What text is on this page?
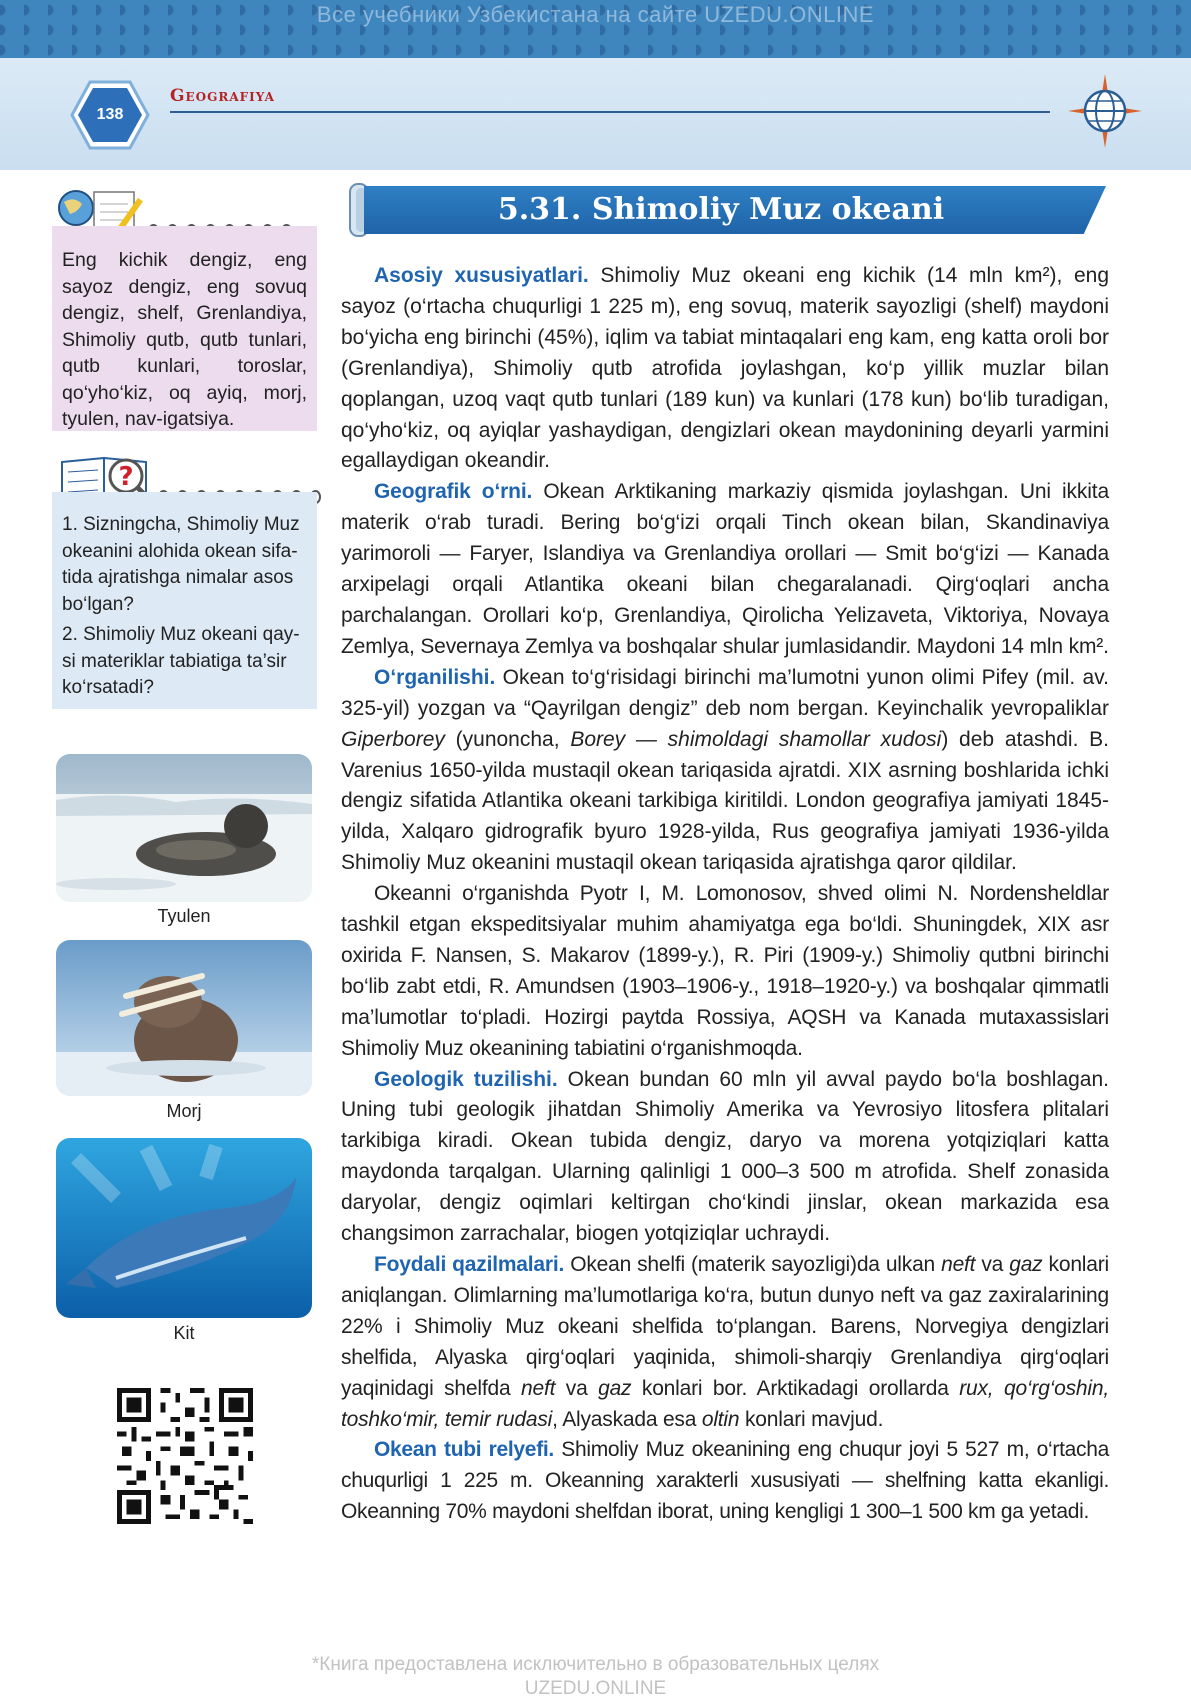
Все учебники Узбекистана на сайте UZEDU.ONLINE
138
Geografiya
Eng kichik dengiz, eng sayoz dengiz, eng sovuq dengiz, shelf, Grenlandiya, Shimoliy qutb, qutb tunlari, qutb kunlari, toroslar, qo‘yho‘kiz, oq ayiq, morj, tyulen, nav-igatsiya.
?

1. Sizningcha, Shimoliy Muz okeanini alohida okean sifa-tida ajratishga nimalar asos bo‘lgan?

2. Shimoliy Muz okeani qay-si materiklar tabiatiga ta’sir ko‘rsatadi?

Tyulen
Morj
Kit
5.31. Shimoliy Muz okeani

Asosiy xususiyatlari. Shimoliy Muz okeani eng kichik (14 mln km²), eng sayoz (o‘rtacha chuqurligi 1 225 m), eng sovuq, materik sayozligi (shelf) maydoni bo‘yicha eng birinchi (45%), iqlim va tabiat mintaqalari eng kam, eng katta oroli bor (Grenlandiya), Shimoliy qutb atrofida joylashgan, ko‘p yillik muzlar bilan qoplangan, uzoq vaqt qutb tunlari (189 kun) va kunlari (178 kun) bo‘lib turadigan, qo‘yho‘kiz, oq ayiqlar yashaydigan, dengizlari okean maydonining deyarli yarmini egallaydigan okeandir.

Geografik o‘rni. Okean Arktikaning markaziy qismida joylashgan. Uni ikkita materik o‘rab turadi. Bering bo‘g‘izi orqali Tinch okean bilan, Skandinaviya yarimoroli — Faryer, Islandiya va Grenlandiya orollari — Smit bo‘g‘izi — Kanada arxipelagi orqali Atlantika okeani bilan chegaralanadi. Qirg‘oqlari ancha parchalangan. Orollari ko‘p, Grenlandiya, Qirolicha Yelizaveta, Viktoriya, Novaya Zemlya, Severnaya Zemlya va boshqalar shular jumlasidandir. Maydoni 14 mln km².

O‘rganilishi. Okean to‘g‘risidagi birinchi ma’lumotni yunon olimi Pifey (mil. av. 325-yil) yozgan va “Qayrilgan dengiz” deb nom bergan. Keyinchalik yevropaliklar Giperborey (yunoncha, Borey — shimoldagi shamollar xudosi) deb atashdi. B. Varenius 1650-yilda mustaqil okean tariqasida ajratdi. XIX asrning boshlarida ichki dengiz sifatida Atlantika okeani tarkibiga kiritildi. London geografiya jamiyati 1845-yilda, Xalqaro gidrografik byuro 1928-yilda, Rus geografiya jamiyati 1936-yilda Shimoliy Muz okeanini mustaqil okean tariqasida ajratishga qaror qildilar.

Okeanni o‘rganishda Pyotr I, M. Lomonosov, shved olimi N. Nordensheldlar tashkil etgan ekspeditsiyalar muhim ahamiyatga ega bo‘ldi. Shuningdek, XIX asr oxirida F. Nansen, S. Makarov (1899-y.), R. Piri (1909-y.) Shimoliy qutbni birinchi bo‘lib zabt etdi, R. Amundsen (1903–1906-y., 1918–1920-y.) va boshqalar qimmatli ma’lumotlar to‘pladi. Hozirgi paytda Rossiya, AQSH va Kanada mutaxassislari Shimoliy Muz okeanining tabiatini o‘rganishmoqda.

Geologik tuzilishi. Okean bundan 60 mln yil avval paydo bo‘la boshlagan. Uning tubi geologik jihatdan Shimoliy Amerika va Yevrosiyo litosfera plitalari tarkibiga kiradi. Okean tubida dengiz, daryo va morena yotqiziqlari katta maydonda tarqalgan. Ularning qalinligi 1 000–3 500 m atrofida. Shelf zonasida daryolar, dengiz oqimlari keltirgan cho‘kindi jinslar, okean markazida esa changsimon zarrachalar, biogen yotqiziqlar uchraydi.

Foydali qazilmalari. Okean shelfi (materik sayozligi)da ulkan neft va gaz konlari aniqlangan. Olimlarning ma’lumotlariga ko‘ra, butun dunyo neft va gaz zaxiralarining 22% i Shimoliy Muz okeani shelfida to‘plangan. Barens, Norvegiya dengizlari shelfida, Alyaska qirg‘oqlari yaqinida, shimoli-sharqiy Grenlandiya qirg‘oqlari yaqinidagi shelfda neft va gaz konlari bor. Arktikadagi orollarda rux, qo‘rg‘oshin, toshko‘mir, temir rudasi, Alyaskada esa oltin konlari mavjud.

Okean tubi relyefi. Shimoliy Muz okeanining eng chuqur joyi 5 527 m, o‘rtacha chuqurligi 1 225 m. Okeanning xarakterli xususiyati — shelfning katta ekanligi. Okeanning 70% maydoni shelfdan iborat, uning kengligi 1 300–1 500 km ga yetadi.

*Книга предоставлена исключительно в образовательных целях
UZEDU.ONLINE
